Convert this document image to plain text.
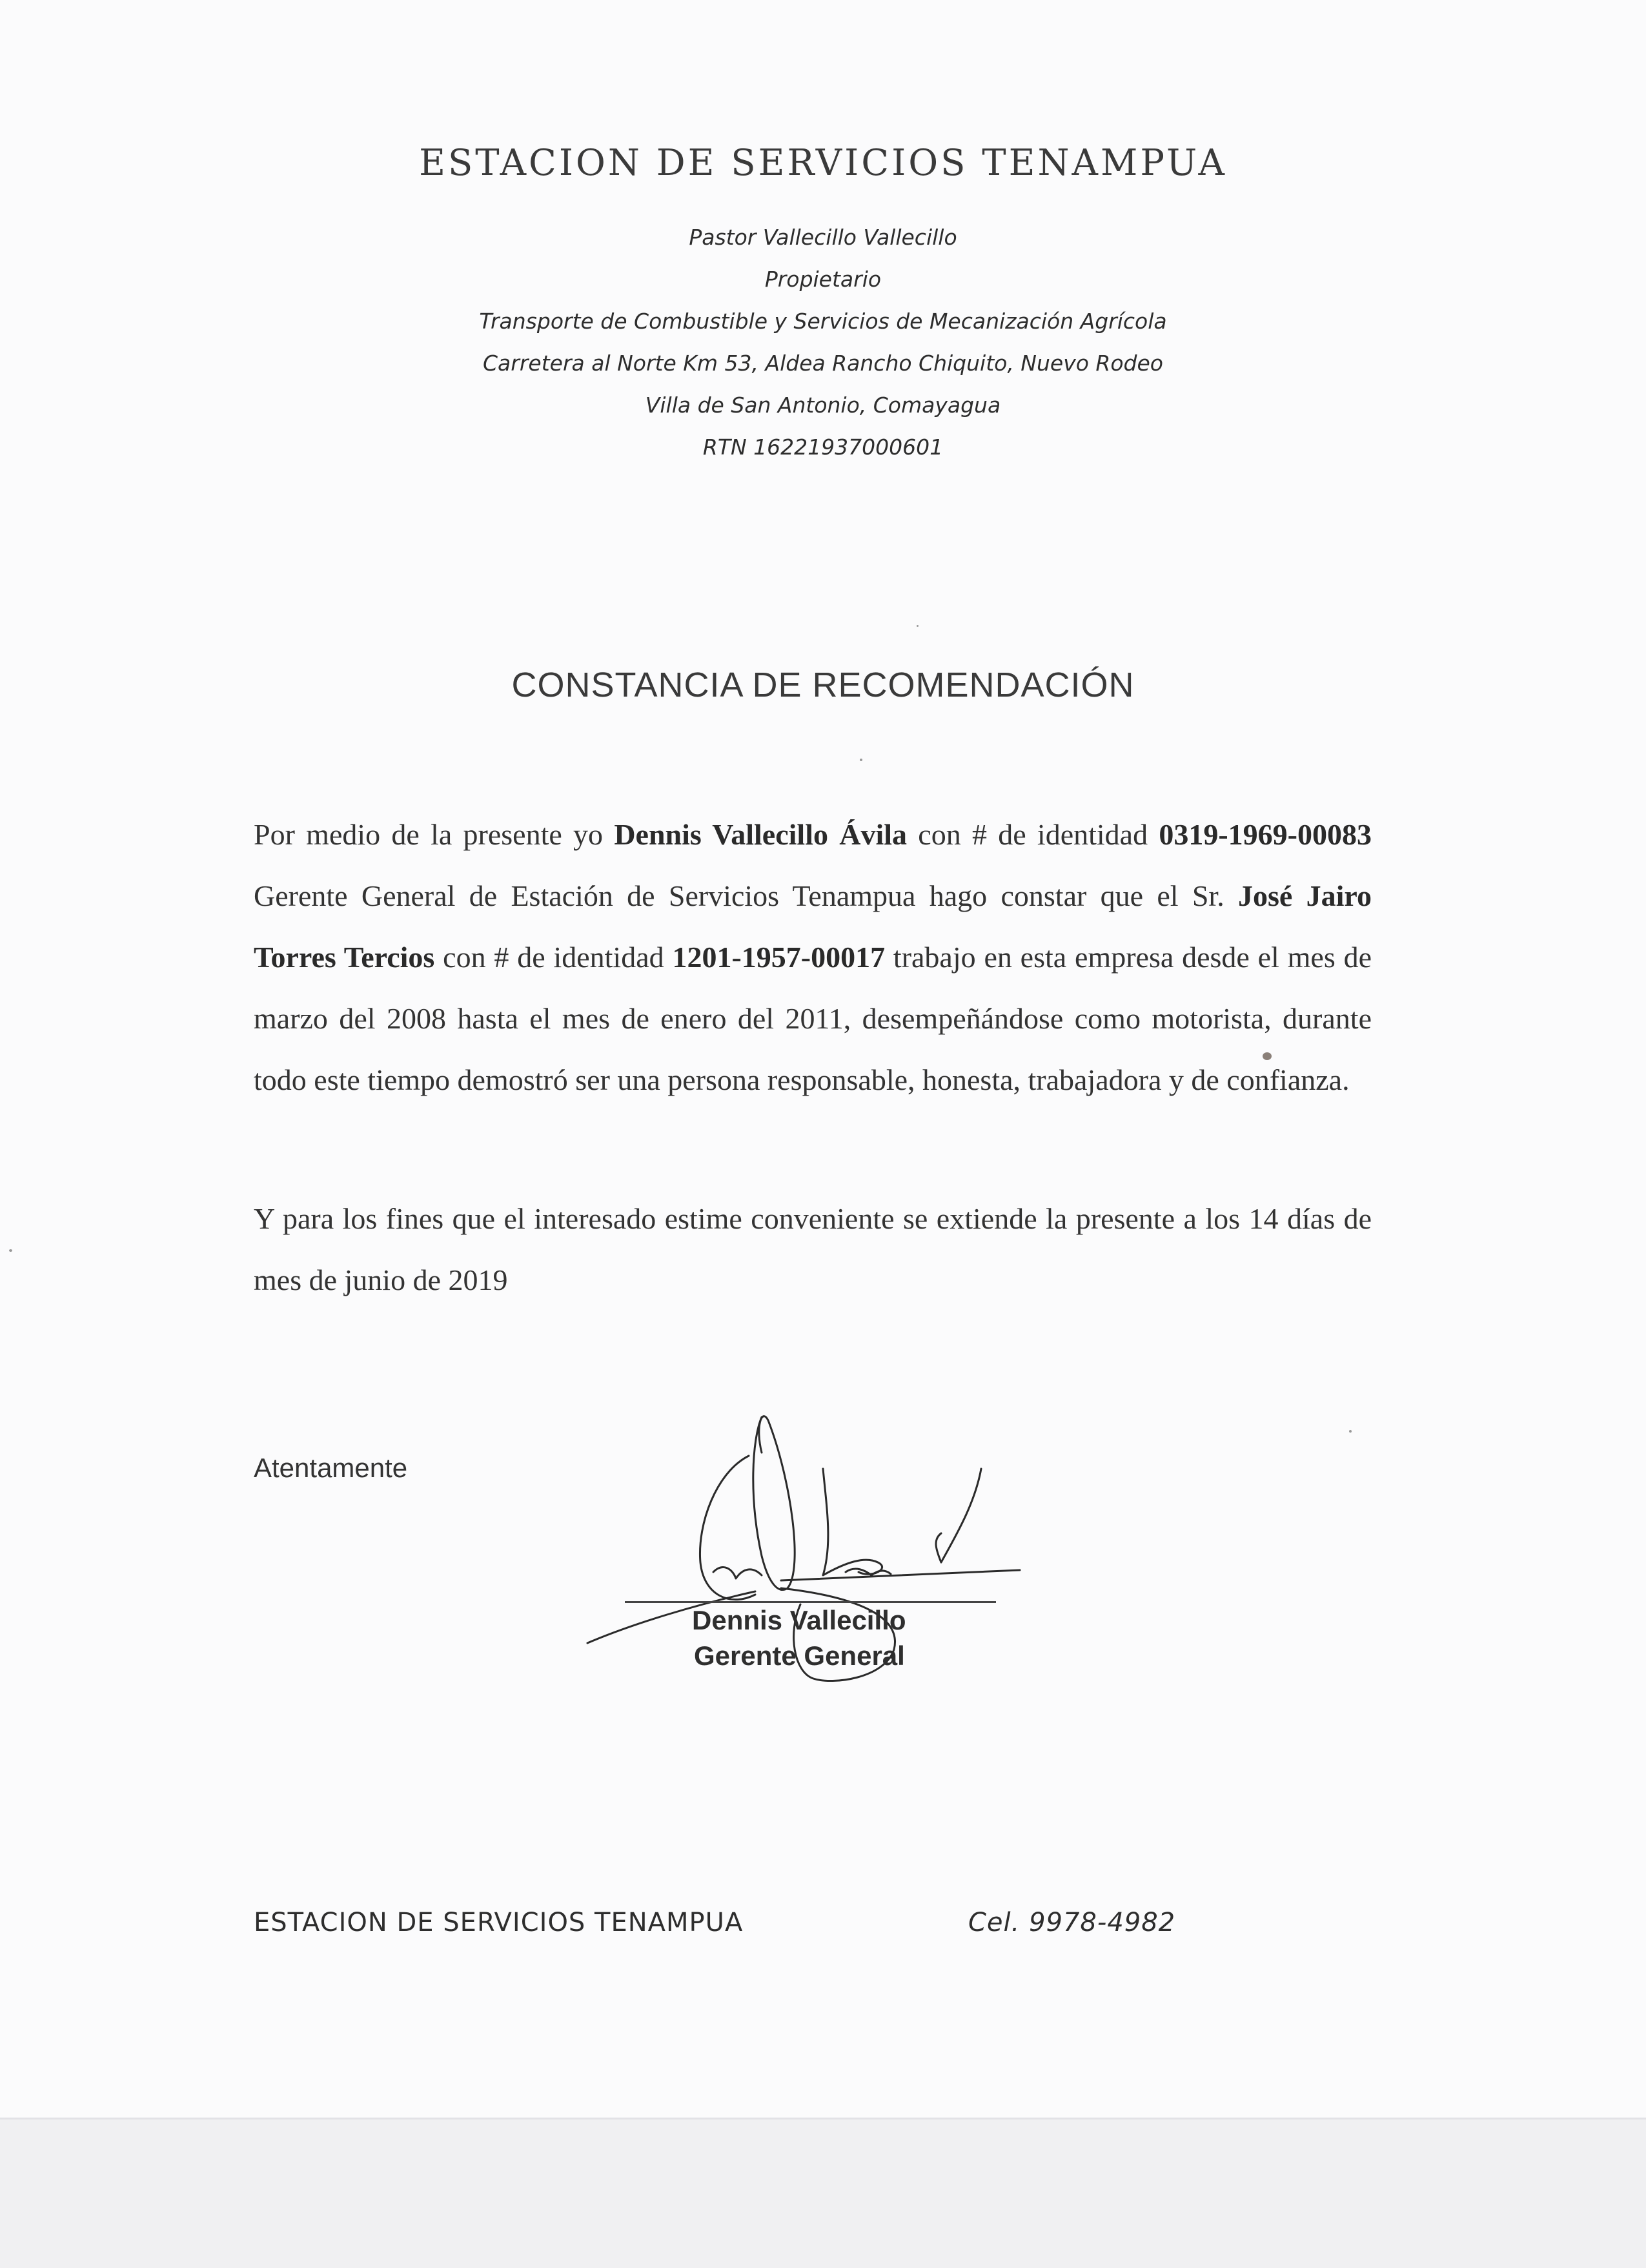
ESTACION DE SERVICIOS TENAMPUA
Pastor Vallecillo Vallecillo
Propietario
Transporte de Combustible y Servicios de Mecanización Agrícola
Carretera al Norte Km 53, Aldea Rancho Chiquito, Nuevo Rodeo
Villa de San Antonio, Comayagua
RTN 16221937000601
CONSTANCIA DE RECOMENDACIÓN

Por medio de la presente yo Dennis Vallecillo Ávila con # de identidad 0319-1969-00083 Gerente General de Estación de Servicios Tenampua hago constar que el Sr. José Jairo Torres Tercios con # de identidad 1201-1957-00017 trabajo en esta empresa desde el mes de marzo del 2008 hasta el mes de enero del 2011, desempeñándose como motorista, durante todo este tiempo demostró ser una persona responsable, honesta, trabajadora y de confianza.

Y para los fines que el interesado estime conveniente se extiende la presente a los 14 días de mes de junio de 2019

Atentamente
Dennis Vallecillo
Gerente General
ESTACION DE SERVICIOS TENAMPUA	Cel. 9978-4982
